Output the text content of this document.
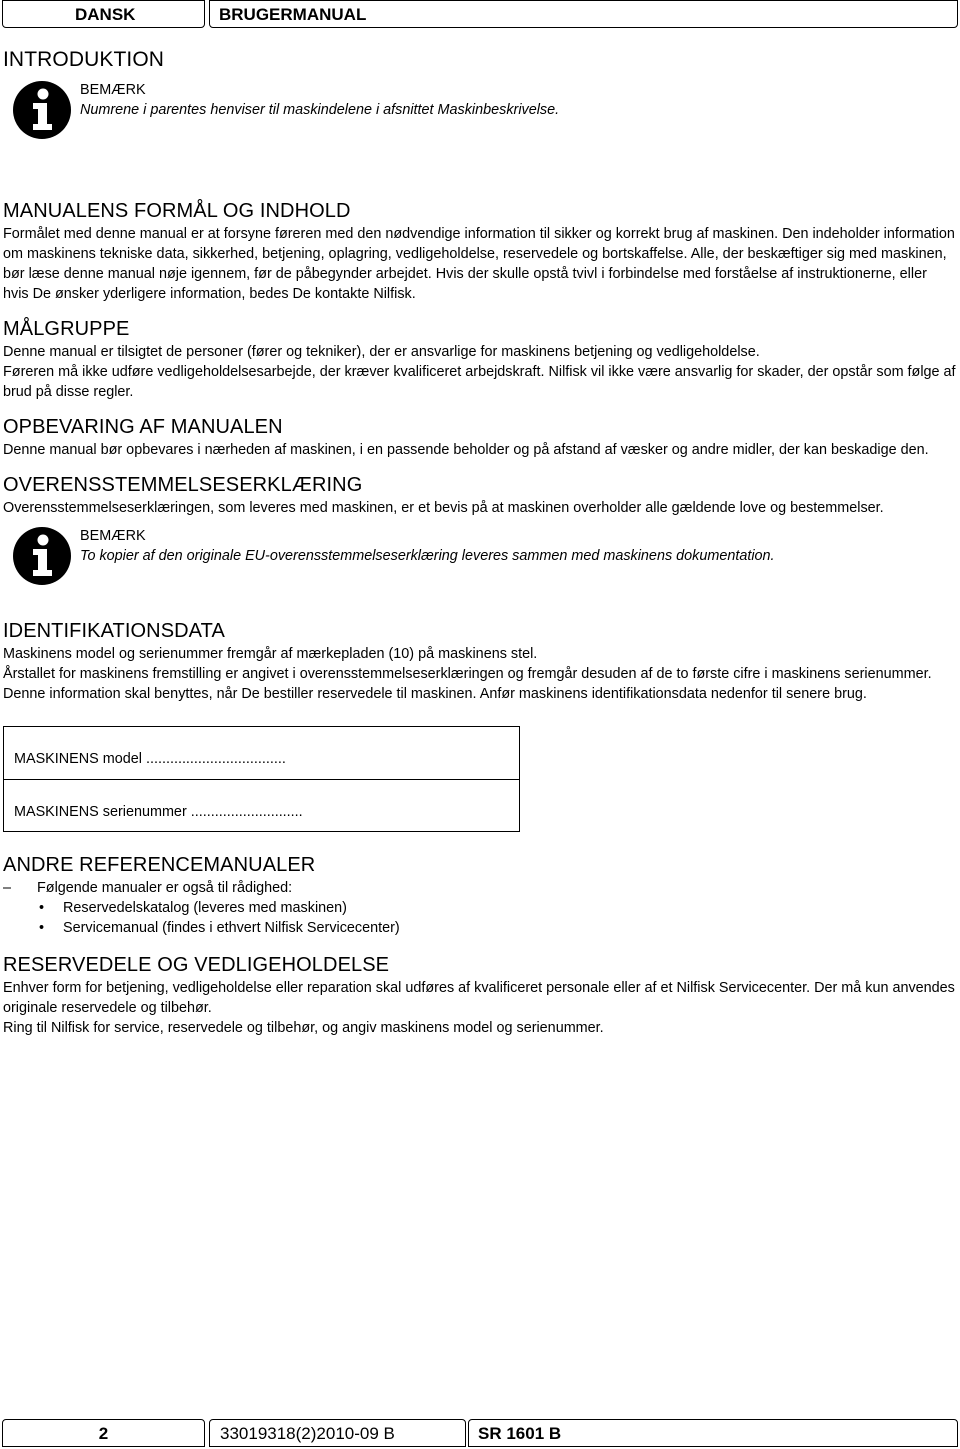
DANSK	BRUGERMANUAL
INTRODUKTION
BEMÆRK
Numrene i parentes henviser til maskindelene i afsnittet Maskinbeskrivelse.
MANUALENS FORMÅL OG INDHOLD

Formålet med denne manual er at forsyne føreren med den nødvendige information til sikker og korrekt brug af maskinen. Den indeholder information om maskinens tekniske data, sikkerhed, betjening, oplagring, vedligeholdelse, reservedele og bortskaffelse. Alle, der beskæftiger sig med maskinen, bør læse denne manual nøje igennem, før de påbegynder arbejdet. Hvis der skulle opstå tvivl i forbindelse med forståelse af instruktionerne, eller hvis De ønsker yderligere information, bedes De kontakte Nilfisk.

MÅLGRUPPE

Denne manual er tilsigtet de personer (fører og tekniker), der er ansvarlige for maskinens betjening og vedligeholdelse.

Føreren må ikke udføre vedligeholdelsesarbejde, der kræver kvalificeret arbejdskraft. Nilfisk vil ikke være ansvarlig for skader, der opstår som følge af brud på disse regler.

OPBEVARING AF MANUALEN

Denne manual bør opbevares i nærheden af maskinen, i en passende beholder og på afstand af væsker og andre midler, der kan beskadige den.

OVERENSSTEMMELSESERKLÆRING

Overensstemmelseserklæringen, som leveres med maskinen, er et bevis på at maskinen overholder alle gældende love og bestemmelser.

BEMÆRK
To kopier af den originale EU-overensstemmelseserklæring leveres sammen med maskinens dokumentation.
IDENTIFIKATIONSDATA

Maskinens model og serienummer fremgår af mærkepladen (10) på maskinens stel.

Årstallet for maskinens fremstilling er angivet i overensstemmelseserklæringen og fremgår desuden af de to første cifre i maskinens serienummer.

Denne information skal benyttes, når De bestiller reservedele til maskinen. Anfør maskinens identifikationsdata nedenfor til senere brug.

MASKINENS model ...................................
MASKINENS serienummer ............................
ANDRE REFERENCEMANUALER
– Følgende manualer er også til rådighed:
• Reservedelskatalog (leveres med maskinen)
• Servicemanual (findes i ethvert Nilfisk Servicecenter)
RESERVEDELE OG VEDLIGEHOLDELSE

Enhver form for betjening, vedligeholdelse eller reparation skal udføres af kvalificeret personale eller af et Nilfisk Servicecenter. Der må kun anvendes originale reservedele og tilbehør.

Ring til Nilfisk for service, reservedele og tilbehør, og angiv maskinens model og serienummer.

2	33019318(2)2010-09 B	SR 1601 B
